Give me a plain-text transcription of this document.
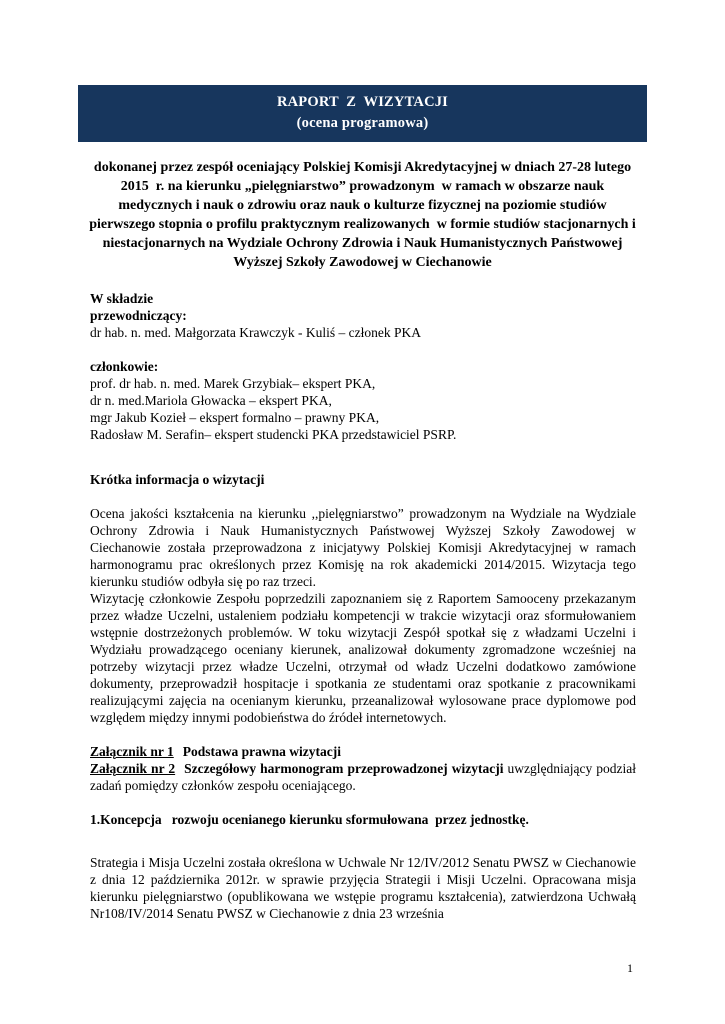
RAPORT  Z  WIZYTACJI
(ocena programowa)

dokonanej przez zespół oceniający Polskiej Komisji Akredytacyjnej w dniach 27-28 lutego  2015  r. na kierunku „pielęgniarstwo” prowadzonym  w ramach w obszarze nauk medycznych i nauk o zdrowiu oraz nauk o kulturze fizycznej na poziomie studiów pierwszego stopnia o profilu praktycznym realizowanych  w formie studiów stacjonarnych i niestacjonarnych na Wydziale Ochrony Zdrowia i Nauk Humanistycznych Państwowej Wyższej Szkoły Zawodowej w Ciechanowie

W składzie
przewodniczący:
dr hab. n. med. Małgorzata Krawczyk - Kuliś – członek PKA
członkowie:
prof. dr hab. n. med. Marek Grzybiak– ekspert PKA,
dr n. med.Mariola Głowacka – ekspert PKA,
mgr Jakub Kozieł – ekspert formalno – prawny PKA,
Radosław M. Serafin– ekspert studencki PKA przedstawiciel PSRP.
Krótka informacja o wizytacji

Ocena jakości kształcenia na kierunku ,,pielęgniarstwo” prowadzonym na Wydziale na Wydziale Ochrony Zdrowia i Nauk Humanistycznych Państwowej Wyższej Szkoły Zawodowej w Ciechanowie została przeprowadzona z inicjatywy Polskiej Komisji Akredytacyjnej w ramach harmonogramu prac określonych przez Komisję na rok akademicki 2014/2015. Wizytacja tego kierunku studiów odbyła się po raz trzeci.

Wizytację członkowie Zespołu poprzedzili zapoznaniem się z Raportem Samooceny przekazanym przez władze Uczelni, ustaleniem podziału kompetencji w trakcie wizytacji oraz sformułowaniem wstępnie dostrzeżonych problemów. W toku wizytacji Zespół spotkał się z władzami Uczelni i Wydziału prowadzącego oceniany kierunek, analizował dokumenty zgromadzone wcześniej na potrzeby wizytacji przez władze Uczelni, otrzymał od władz Uczelni dodatkowo zamówione dokumenty, przeprowadził hospitacje i spotkania ze studentami oraz spotkanie z pracownikami realizującymi zajęcia na ocenianym kierunku, przeanalizował wylosowane prace dyplomowe pod względem między innymi podobieństwa do źródeł internetowych.

Załącznik nr 1 Podstawa prawna wizytacji
Załącznik nr 2 Szczegółowy harmonogram przeprowadzonej wizytacji uwzględniający podział zadań pomiędzy członków zespołu oceniającego.
1.Koncepcja   rozwoju ocenianego kierunku sformułowana  przez jednostkę.

Strategia i Misja Uczelni została określona w Uchwale Nr 12/IV/2012 Senatu PWSZ w Ciechanowie z dnia 12 października 2012r. w sprawie przyjęcia Strategii i Misji Uczelni. Opracowana misja kierunku pielęgniarstwo (opublikowana we wstępie programu kształcenia), zatwierdzona Uchwałą Nr108/IV/2014 Senatu PWSZ w Ciechanowie z dnia 23 września

1
